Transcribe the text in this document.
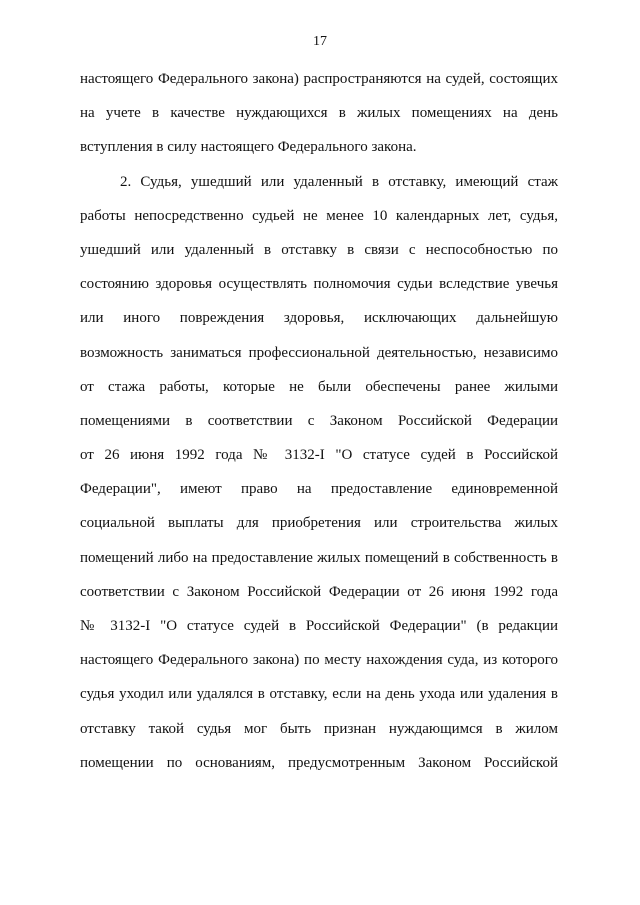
17
настоящего Федерального закона) распространяются на судей, состоящих
на учете в качестве нуждающихся в жилых помещениях на день
вступления в силу настоящего Федерального закона.
2. Судья, ушедший или удаленный в отставку, имеющий стаж
работы непосредственно судьей не менее 10 календарных лет, судья,
ушедший или удаленный в отставку в связи с неспособностью по
состоянию здоровья осуществлять полномочия судьи вследствие увечья
или иного повреждения здоровья, исключающих дальнейшую
возможность заниматься профессиональной деятельностью, независимо
от стажа работы, которые не были обеспечены ранее жилыми
помещениями в соответствии с Законом Российской Федерации
от 26 июня 1992 года № 3132-I "О статусе судей в Российской
Федерации", имеют право на предоставление единовременной
социальной выплаты для приобретения или строительства жилых
помещений либо на предоставление жилых помещений в собственность в
соответствии с Законом Российской Федерации от 26 июня 1992 года
№ 3132-I "О статусе судей в Российской Федерации" (в редакции
настоящего Федерального закона) по месту нахождения суда, из которого
судья уходил или удалялся в отставку, если на день ухода или удаления в
отставку такой судья мог быть признан нуждающимся в жилом
помещении по основаниям, предусмотренным Законом Российской
